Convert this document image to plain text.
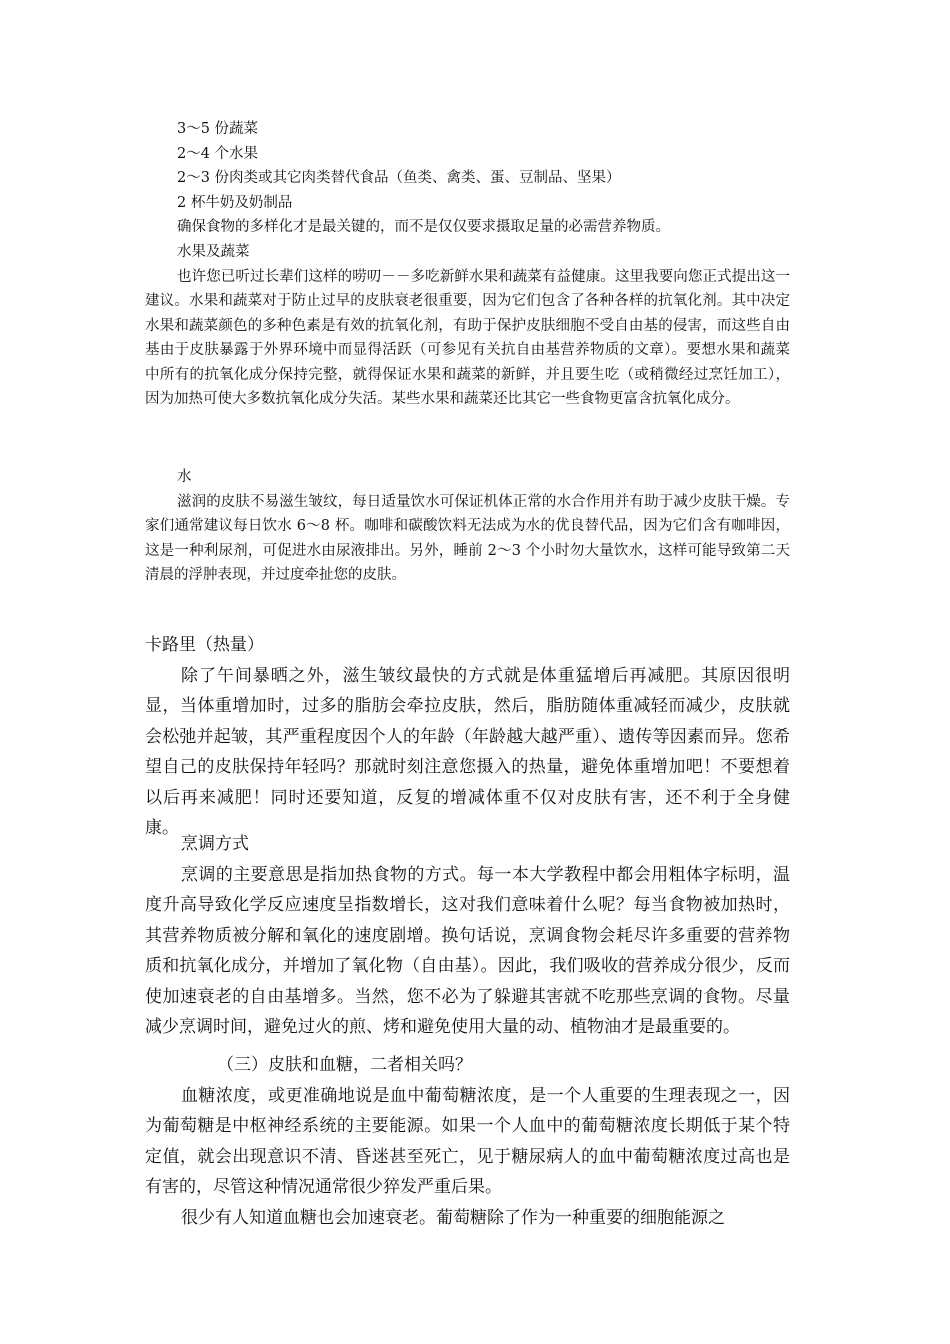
3～5 份蔬菜
2～4 个水果
2～3 份肉类或其它肉类替代食品（鱼类、禽类、蛋、豆制品、坚果）
2 杯牛奶及奶制品
确保食物的多样化才是最关键的，而不是仅仅要求摄取足量的必需营养物质。
水果及蔬菜

也许您已听过长辈们这样的唠叨－－多吃新鲜水果和蔬菜有益健康。这里我要向您正式提出这一建议。水果和蔬菜对于防止过早的皮肤衰老很重要，因为它们包含了各种各样的抗氧化剂。其中决定水果和蔬菜颜色的多种色素是有效的抗氧化剂，有助于保护皮肤细胞不受自由基的侵害，而这些自由基由于皮肤暴露于外界环境中而显得活跃（可参见有关抗自由基营养物质的文章）。要想水果和蔬菜中所有的抗氧化成分保持完整，就得保证水果和蔬菜的新鲜，并且要生吃（或稍微经过烹饪加工），因为加热可使大多数抗氧化成分失活。某些水果和蔬菜还比其它一些食物更富含抗氧化成分。

水

滋润的皮肤不易滋生皱纹，每日适量饮水可保证机体正常的水合作用并有助于减少皮肤干燥。专家们通常建议每日饮水 6～8 杯。咖啡和碳酸饮料无法成为水的优良替代品，因为它们含有咖啡因，这是一种利尿剂，可促进水由尿液排出。另外，睡前 2～3 个小时勿大量饮水，这样可能导致第二天清晨的浮肿表现，并过度牵扯您的皮肤。

卡路里（热量）

除了午间暴晒之外，滋生皱纹最快的方式就是体重猛增后再减肥。其原因很明显，当体重增加时，过多的脂肪会牵拉皮肤，然后，脂肪随体重减轻而减少，皮肤就会松弛并起皱，其严重程度因个人的年龄（年龄越大越严重）、遗传等因素而异。您希望自己的皮肤保持年轻吗？那就时刻注意您摄入的热量，避免体重增加吧！不要想着以后再来减肥！同时还要知道，反复的增减体重不仅对皮肤有害，还不利于全身健康。

烹调方式

烹调的主要意思是指加热食物的方式。每一本大学教程中都会用粗体字标明，温度升高导致化学反应速度呈指数增长，这对我们意味着什么呢？每当食物被加热时，其营养物质被分解和氧化的速度剧增。换句话说，烹调食物会耗尽许多重要的营养物质和抗氧化成分，并增加了氧化物（自由基）。因此，我们吸收的营养成分很少，反而使加速衰老的自由基增多。当然，您不必为了躲避其害就不吃那些烹调的食物。尽量减少烹调时间，避免过火的煎、烤和避免使用大量的动、植物油才是最重要的。

（三）皮肤和血糖，二者相关吗？

血糖浓度，或更准确地说是血中葡萄糖浓度，是一个人重要的生理表现之一，因为葡萄糖是中枢神经系统的主要能源。如果一个人血中的葡萄糖浓度长期低于某个特定值，就会出现意识不清、昏迷甚至死亡，见于糖尿病人的血中葡萄糖浓度过高也是有害的，尽管这种情况通常很少猝发严重后果。

很少有人知道血糖也会加速衰老。葡萄糖除了作为一种重要的细胞能源之
